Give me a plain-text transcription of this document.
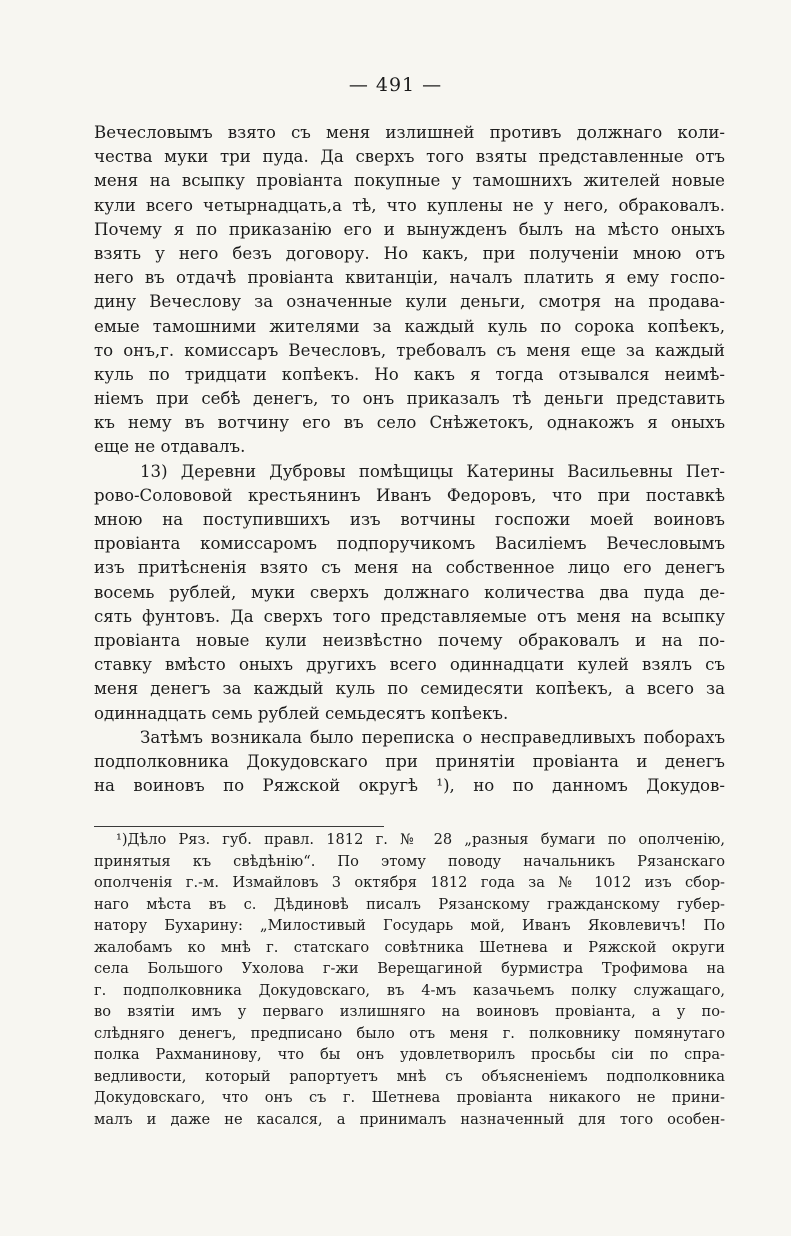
— 491 —
Вечесловымъ взято съ меня излишней противъ должнаго коли-
чества муки три пуда. Да сверхъ того взяты представленные отъ
меня на всыпку провіанта покупные у тамошнихъ жителей новые
кули всего четырнадцать,а тѣ, что куплены не у него, обраковалъ.
Почему я по приказанію его и вынужденъ былъ на мѣсто оныхъ
взять у него безъ договору. Но какъ, при полученіи мною отъ
него въ отдачѣ провіанта квитанціи, началъ платить я ему госпо-
дину Вечеслову за означенные кули деньги, смотря на продава-
емые тамошними жителями за каждый куль по сорока копѣекъ,
то онъ,г. комиссаръ Вечесловъ, требовалъ съ меня еще за каждый
куль по тридцати копѣекъ. Но какъ я тогда отзывался неимѣ-
ніемъ при себѣ денегъ, то онъ приказалъ тѣ деньги представить
къ нему въ вотчину его въ село Снѣжетокъ, однакожъ я оныхъ
еще не отдавалъ.
13) Деревни Дубровы помѣщицы Катерины Васильевны Пет-
рово-Солововой крестьянинъ Иванъ Федоровъ, что при поставкѣ
мною на поступившихъ изъ вотчины госпожи моей воиновъ
провіанта комиссаромъ подпоручикомъ Василіемъ Вечесловымъ
изъ притѣсненія взято съ меня на собственное лицо его денегъ
восемь рублей, муки сверхъ должнаго количества два пуда де-
сять фунтовъ. Да сверхъ того представляемые отъ меня на всыпку
провіанта новые кули неизвѣстно почему обраковалъ и на по-
ставку вмѣсто оныхъ другихъ всего одиннадцати кулей взялъ съ
меня денегъ за каждый куль по семидесяти копѣекъ, а всего за
одиннадцать семь рублей семьдесятъ копѣекъ.
Затѣмъ возникала было переписка о несправедливыхъ поборахъ
подполковника Докудовскаго при принятіи провіанта и денегъ
на воиновъ по Ряжской округѣ ¹), но по данномъ Докудов-
¹)Дѣло Ряз. губ. правл. 1812 г. № 28 „разныя бумаги по ополченію,
принятыя къ свѣдѣнію“. По этому поводу начальникъ Рязанскаго
ополченія г.-м. Измайловъ 3 октября 1812 года за № 1012 изъ сбор-
наго мѣста въ с. Дѣдиновѣ писалъ Рязанскому гражданскому губер-
натору Бухарину: „Милостивый Государь мой, Иванъ Яковлевичъ! По
жалобамъ ко мнѣ г. статскаго совѣтника Шетнева и Ряжской округи
села Большого Ухолова г-жи Верещагиной бурмистра Трофимова на
г. подполковника Докудовскаго, въ 4-мъ казачьемъ полку служащаго,
во взятіи имъ у перваго излишняго на воиновъ провіанта, а у по-
слѣдняго денегъ, предписано было отъ меня г. полковнику помянутаго
полка Рахманинову, что бы онъ удовлетворилъ просьбы сіи по спра-
ведливости, который рапортуетъ мнѣ съ объясненіемъ подполковника
Докудовскаго, что онъ съ г. Шетнева провіанта никакого не прини-
малъ и даже не касался, а принималъ назначенный для того особен-
